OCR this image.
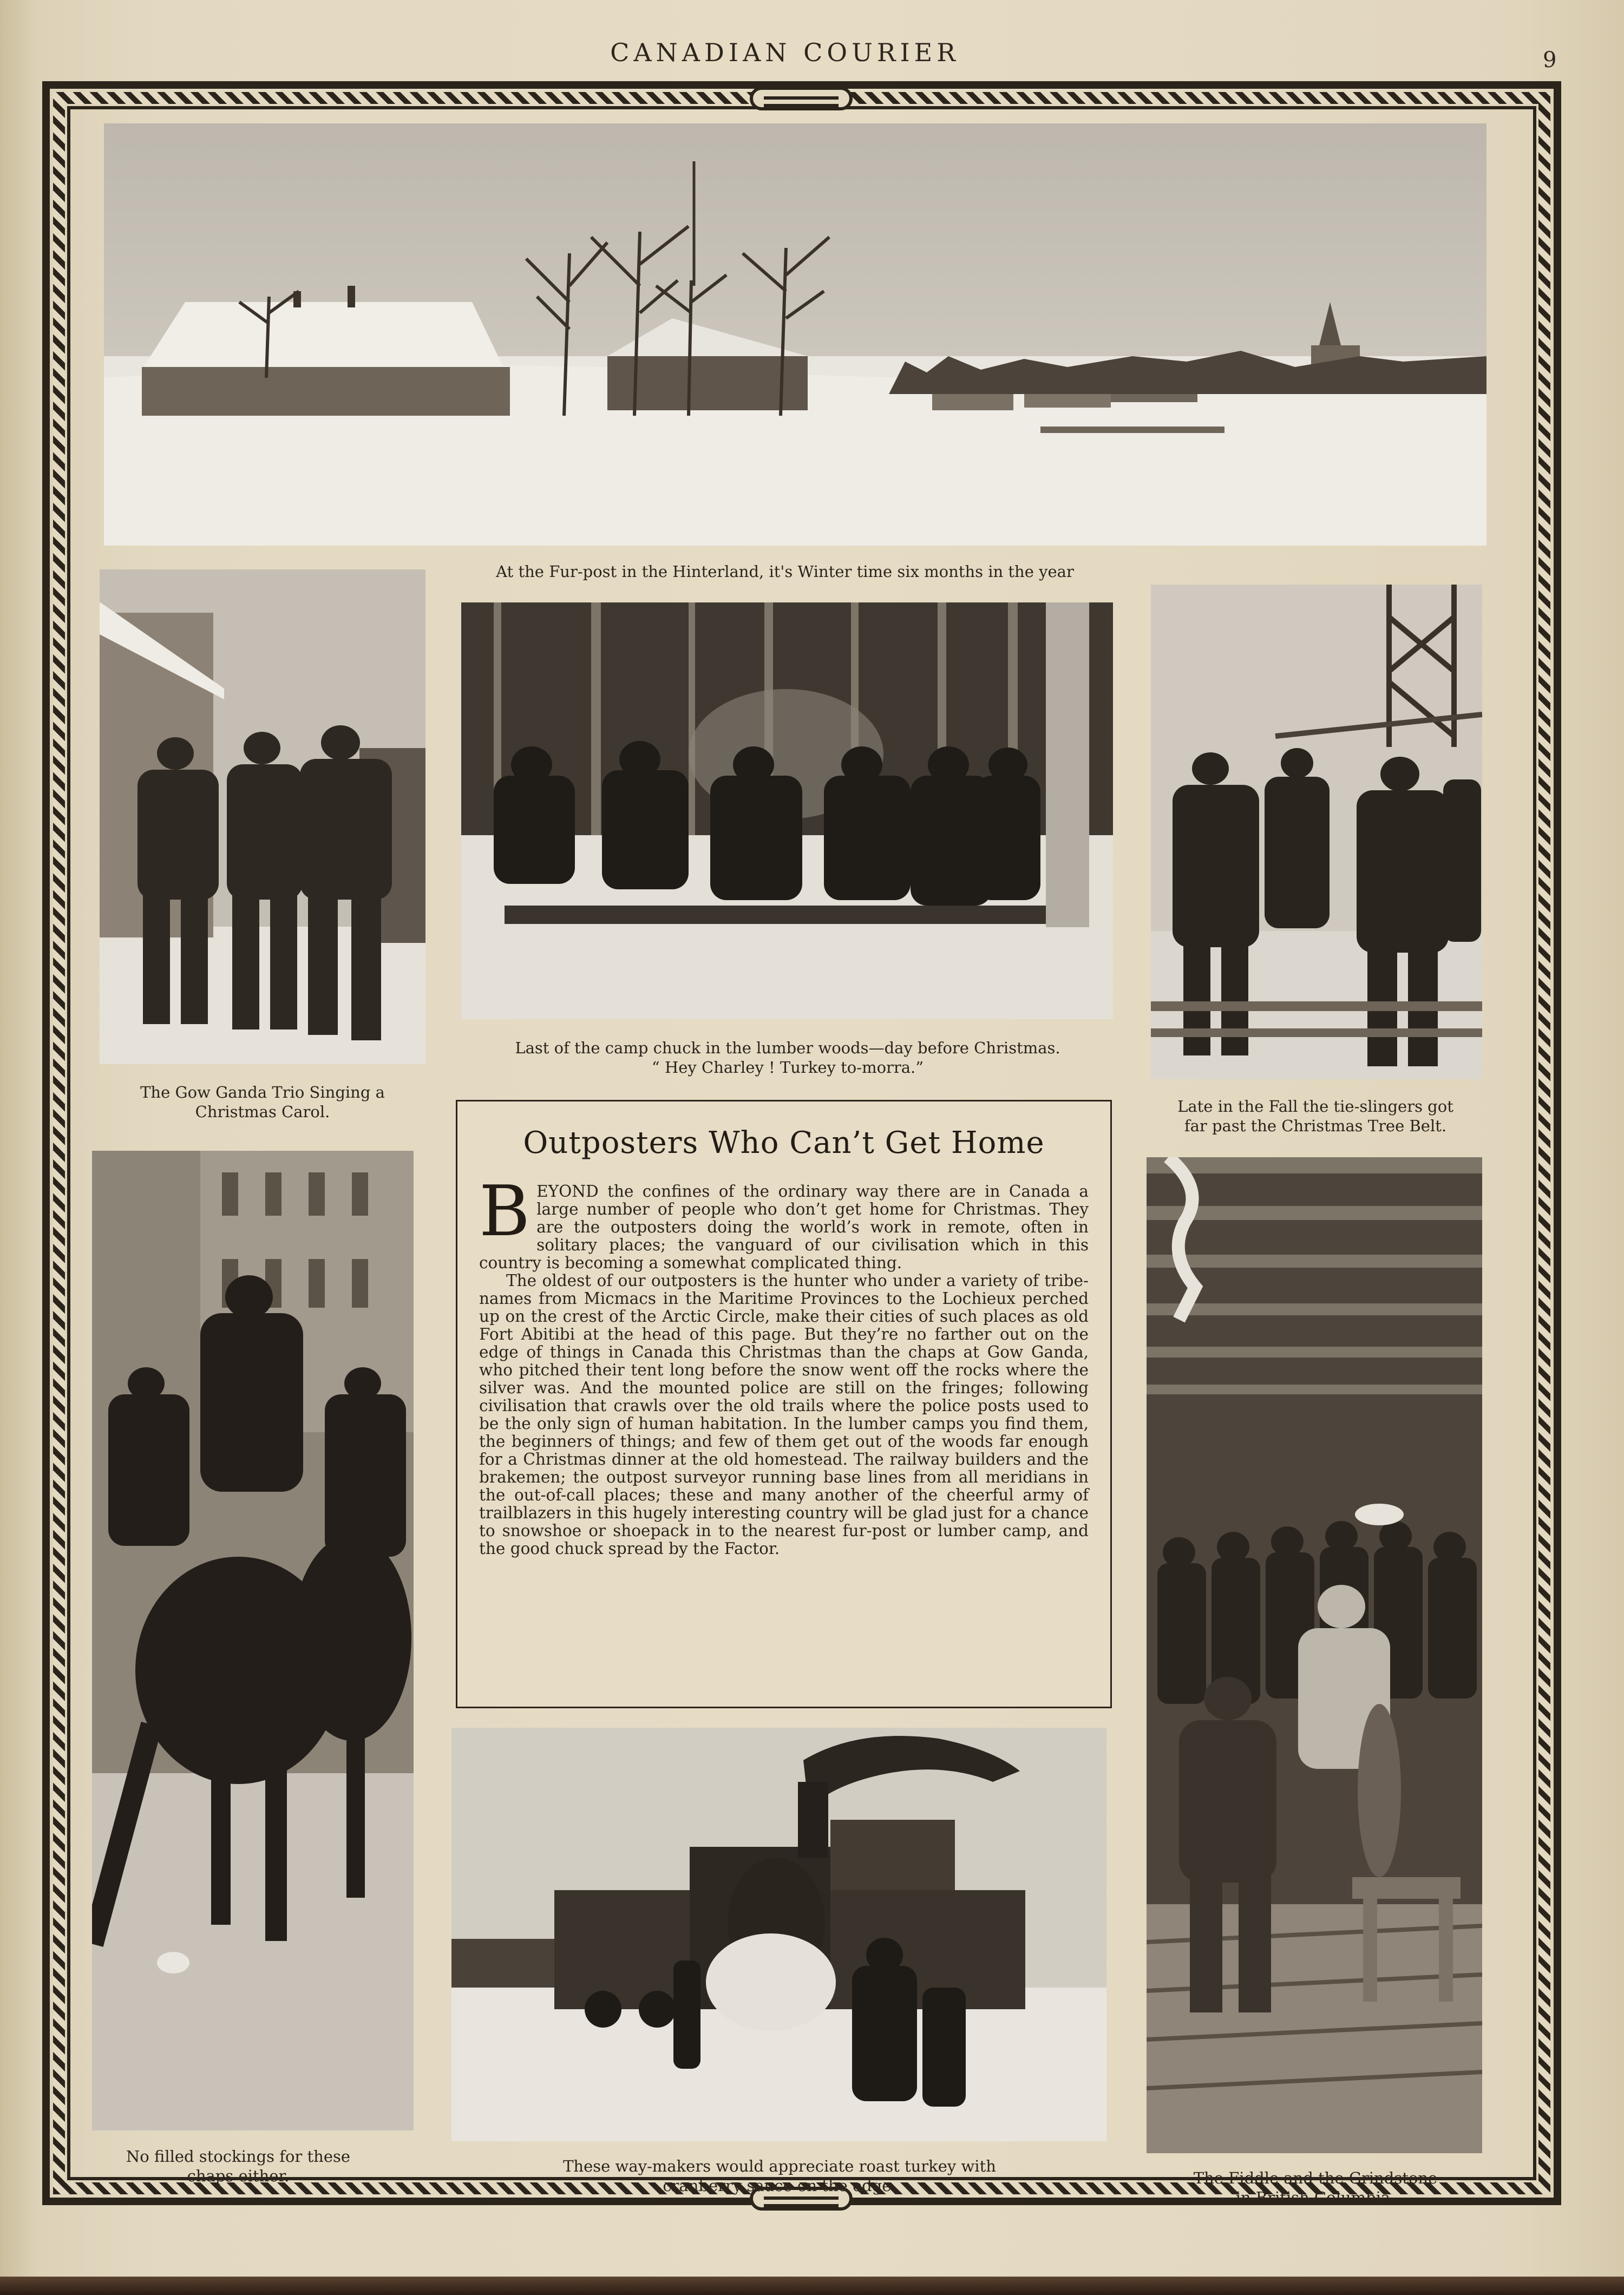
CANADIAN COURIER	9
At the Fur-post in the Hinterland, it's Winter time six months in the year
The Gow Ganda Trio Singing a
Christmas Carol.
Last of the camp chuck in the lumber woods—day before Christmas.
“ Hey Charley ! Turkey to-morra.”
Late in the Fall the tie-slingers got
far past the Christmas Tree Belt.
Outposters Who Can’t Get Home

BEYOND the confines of the ordinary way there are in Canada a large number of people who don’t get home for Christmas. They are the outposters doing the world’s work in remote, often in solitary places; the vanguard of our civilisation which in this country is becoming a somewhat complicated thing.

The oldest of our outposters is the hunter who under a variety of tribe-names from Micmacs in the Maritime Provinces to the Lochieux perched up on the crest of the Arctic Circle, make their cities of such places as old Fort Abitibi at the head of this page. But they’re no farther out on the edge of things in Canada this Christmas than the chaps at Gow Ganda, who pitched their tent long before the snow went off the rocks where the silver was. And the mounted police are still on the fringes; following civilisation that crawls over the old trails where the police posts used to be the only sign of human habitation. In the lumber camps you find them, the beginners of things; and few of them get out of the woods far enough for a Christmas dinner at the old homestead. The railway builders and the brakemen; the outpost surveyor running base lines from all meridians in the out-of-call places; these and many another of the cheerful army of trailblazers in this hugely interesting country will be glad just for a chance to snowshoe or shoepack in to the nearest fur-post or lumber camp, and the good chuck spread by the Factor.

No filled stockings for these
chaps either.
These way-makers would appreciate roast turkey with
cranberry sauce on the edge.	The Fiddle and the Grindstone
in British Columbia.
